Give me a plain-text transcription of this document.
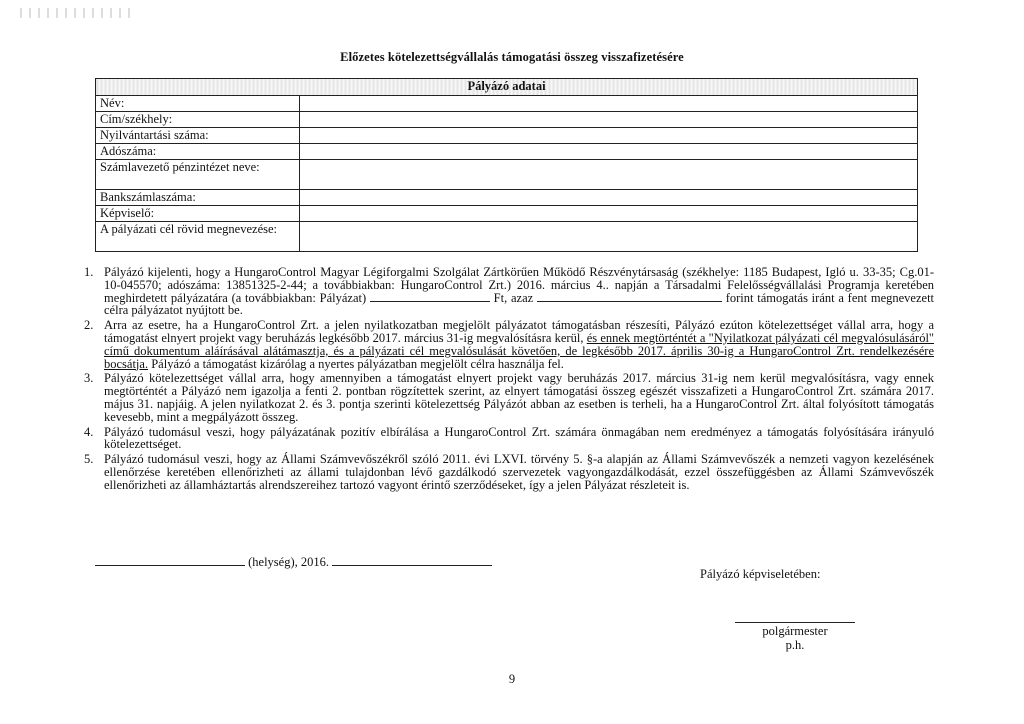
Előzetes kötelezettségvállalás támogatási összeg visszafizetésére
Pályázó adatai	
Név:	
Cím/székhely:	
Nyilvántartási száma:	
Adószáma:	
Számlavezető pénzintézet neve:	
Bankszámlaszáma:	
Képviselő:	
A pályázati cél rövid megnevezése:	
1. Pályázó kijelenti, hogy a HungaroControl Magyar Légiforgalmi Szolgálat Zártkörűen Működő Részvénytársaság (székhelye: 1185 Budapest, Igló u. 33-35; Cg.01-10-045570; adószáma: 13851325-2-44; a továbbiakban: HungaroControl Zrt.) 2016. március 4.. napján a Társadalmi Felelősségvállalási Programja keretében meghirdetett pályázatára (a továbbiakban: Pályázat)	Ft, azaz	forint támogatás iránt a fent megnevezett célra pályázatot nyújtott be.
2. Arra az esetre, ha a HungaroControl Zrt. a jelen nyilatkozatban megjelölt pályázatot támogatásban részesíti, Pályázó ezúton kötelezettséget vállal arra, hogy a támogatást elnyert projekt vagy beruházás legkésőbb 2017. március 31-ig megvalósításra kerül, és ennek megtörténtét a "Nyilatkozat pályázati cél megvalósulásáról" című dokumentum aláírásával alátámasztja, és a pályázati cél megvalósulását követően, de legkésőbb 2017. április 30-ig a HungaroControl Zrt. rendelkezésére bocsátja. Pályázó a támogatást kizárólag a nyertes pályázatban megjelölt célra használja fel.
3. Pályázó kötelezettséget vállal arra, hogy amennyiben a támogatást elnyert projekt vagy beruházás 2017. március 31-ig nem kerül megvalósításra, vagy ennek megtörténtét a Pályázó nem igazolja a fenti 2. pontban rögzítettek szerint, az elnyert támogatási összeg egészét visszafizeti a HungaroControl Zrt. számára 2017. május 31. napjáig. A jelen nyilatkozat 2. és 3. pontja szerinti kötelezettség Pályázót abban az esetben is terheli, ha a HungaroControl Zrt. által folyósított támogatás kevesebb, mint a megpályázott összeg.
4. Pályázó tudomásul veszi, hogy pályázatának pozitív elbírálása a HungaroControl Zrt. számára önmagában nem eredményez a támogatás folyósítására irányuló kötelezettséget.
5. Pályázó tudomásul veszi, hogy az Állami Számvevőszékről szóló 2011. évi LXVI. törvény 5. §-a alapján az Állami Számvevőszék a nemzeti vagyon kezelésének ellenőrzése keretében ellenőrizheti az állami tulajdonban lévő gazdálkodó szervezetek vagyongazdálkodását, ezzel összefüggésben az Állami Számvevőszék ellenőrizheti az államháztartás alrendszereihez tartozó vagyont érintő szerződéseket, így a jelen Pályázat részleteit is.
(helység), 2016.
Pályázó képviseletében:
polgármester
p.h.
9
